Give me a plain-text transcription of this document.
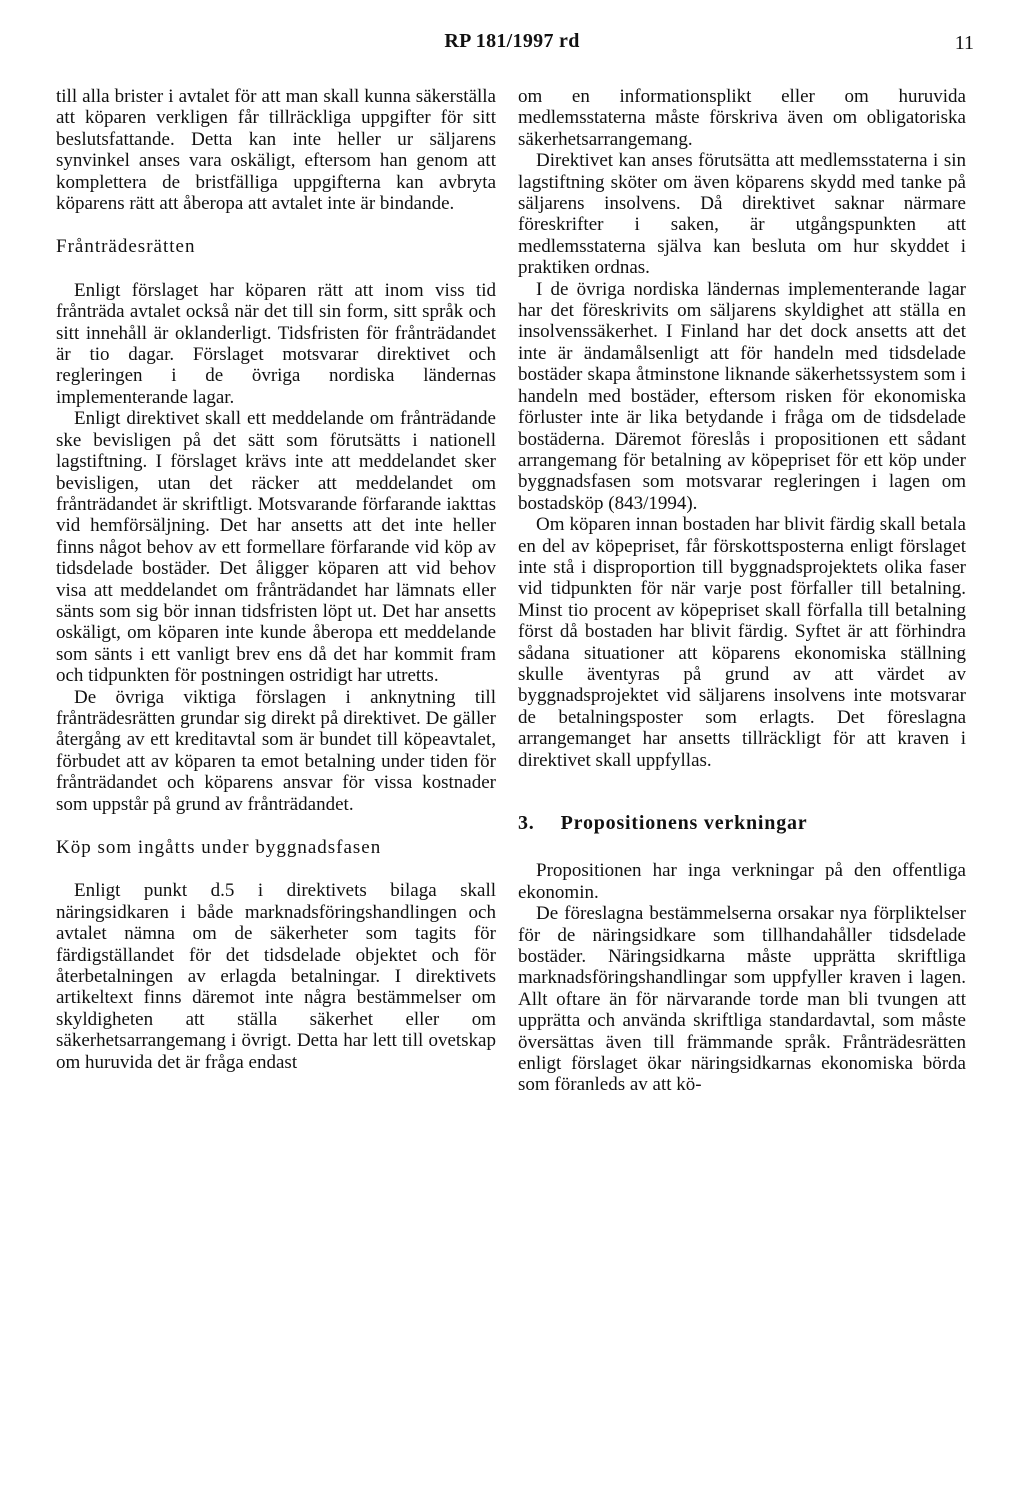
RP 181/1997 rd	11

till alla brister i avtalet för att man skall kunna säkerställa att köparen verkligen får tillräckliga uppgifter för sitt beslutsfattande. Detta kan inte heller ur säljarens synvinkel anses vara oskäligt, eftersom han genom att komplettera de bristfälliga uppgifterna kan avbryta köparens rätt att åberopa att avtalet inte är bindande.

Frånträdesrätten

Enligt förslaget har köparen rätt att inom viss tid frånträda avtalet också när det till sin form, sitt språk och sitt innehåll är oklanderligt. Tidsfristen för frånträdandet är tio dagar. Förslaget motsvarar direktivet och regleringen i de övriga nordiska ländernas implementerande lagar.

Enligt direktivet skall ett meddelande om frånträdande ske bevisligen på det sätt som förutsätts i nationell lagstiftning. I förslaget krävs inte att meddelandet sker bevisligen, utan det räcker att meddelandet om frånträdandet är skriftligt. Motsvarande förfarande iakttas vid hemförsäljning. Det har ansetts att det inte heller finns något behov av ett formellare förfarande vid köp av tidsdelade bostäder. Det åligger köparen att vid behov visa att meddelandet om frånträdandet har lämnats eller sänts som sig bör innan tidsfristen löpt ut. Det har ansetts oskäligt, om köparen inte kunde åberopa ett meddelande som sänts i ett vanligt brev ens då det har kommit fram och tidpunkten för postningen ostridigt har utretts.

De övriga viktiga förslagen i anknytning till frånträdesrätten grundar sig direkt på direktivet. De gäller återgång av ett kreditavtal som är bundet till köpeavtalet, förbudet att av köparen ta emot betalning under tiden för frånträdandet och köparens ansvar för vissa kostnader som uppstår på grund av frånträdandet.

Köp som ingåtts under byggnadsfasen

Enligt punkt d.5 i direktivets bilaga skall näringsidkaren i både marknadsföringshandlingen och avtalet nämna om de säkerheter som tagits för färdigställandet för det tidsdelade objektet och för återbetalningen av erlagda betalningar. I direktivets artikeltext finns däremot inte några bestämmelser om skyldigheten att ställa säkerhet eller om säkerhetsarrangemang i övrigt. Detta har lett till ovetskap om huruvida det är fråga endast

om en informationsplikt eller om huruvida medlemsstaterna måste förskriva även om obligatoriska säkerhetsarrangemang.

Direktivet kan anses förutsätta att medlemsstaterna i sin lagstiftning sköter om även köparens skydd med tanke på säljarens insolvens. Då direktivet saknar närmare föreskrifter i saken, är utgångspunkten att medlemsstaterna själva kan besluta om hur skyddet i praktiken ordnas.

I de övriga nordiska ländernas implementerande lagar har det föreskrivits om säljarens skyldighet att ställa en insolvenssäkerhet. I Finland har det dock ansetts att det inte är ändamålsenligt att för handeln med tidsdelade bostäder skapa åtminstone liknande säkerhetssystem som i handeln med bostäder, eftersom risken för ekonomiska förluster inte är lika betydande i fråga om de tidsdelade bostäderna. Däremot föreslås i propositionen ett sådant arrangemang för betalning av köpepriset för ett köp under byggnadsfasen som motsvarar regleringen i lagen om bostadsköp (843/1994).

Om köparen innan bostaden har blivit färdig skall betala en del av köpepriset, får förskottsposterna enligt förslaget inte stå i disproportion till byggnadsprojektets olika faser vid tidpunkten för när varje post förfaller till betalning. Minst tio procent av köpepriset skall förfalla till betalning först då bostaden har blivit färdig. Syftet är att förhindra sådana situationer att köparens ekonomiska ställning skulle äventyras på grund av att värdet av byggnadsprojektet vid säljarens insolvens inte motsvarar de betalningsposter som erlagts. Det föreslagna arrangemanget har ansetts tillräckligt för att kraven i direktivet skall uppfyllas.

3. Propositionens verkningar

Propositionen har inga verkningar på den offentliga ekonomin.

De föreslagna bestämmelserna orsakar nya förpliktelser för de näringsidkare som tillhandahåller tidsdelade bostäder. Näringsidkarna måste upprätta skriftliga marknadsföringshandlingar som uppfyller kraven i lagen. Allt oftare än för närvarande torde man bli tvungen att upprätta och använda skriftliga standardavtal, som måste översättas även till främmande språk. Frånträdesrätten enligt förslaget ökar näringsidkarnas ekonomiska börda som föranleds av att kö-
